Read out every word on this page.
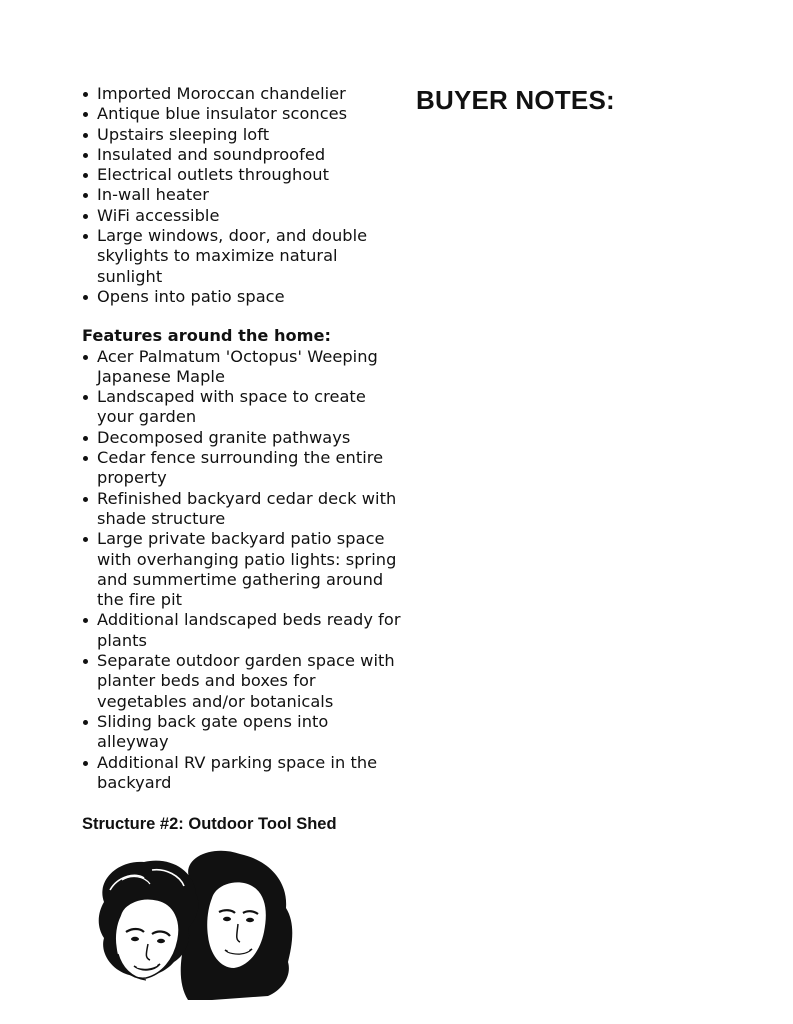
Imported Moroccan chandelier
Antique blue insulator sconces
Upstairs sleeping loft
Insulated and soundproofed
Electrical outlets throughout
In-wall heater
WiFi accessible
Large windows, door, and double skylights to maximize natural sunlight
Opens into patio space
Features around the home:
Acer Palmatum 'Octopus' Weeping Japanese Maple
Landscaped with space to create your garden
Decomposed granite pathways
Cedar fence surrounding the entire property
Refinished backyard cedar deck with shade structure
Large private backyard patio space with overhanging patio lights: spring and summertime gathering around the fire pit
Additional landscaped beds ready for plants
Separate outdoor garden space with planter beds and boxes for vegetables and/or botanicals
Sliding back gate opens into alleyway
Additional RV parking space in the backyard
Structure #2: Outdoor Tool Shed
BUYER NOTES:
